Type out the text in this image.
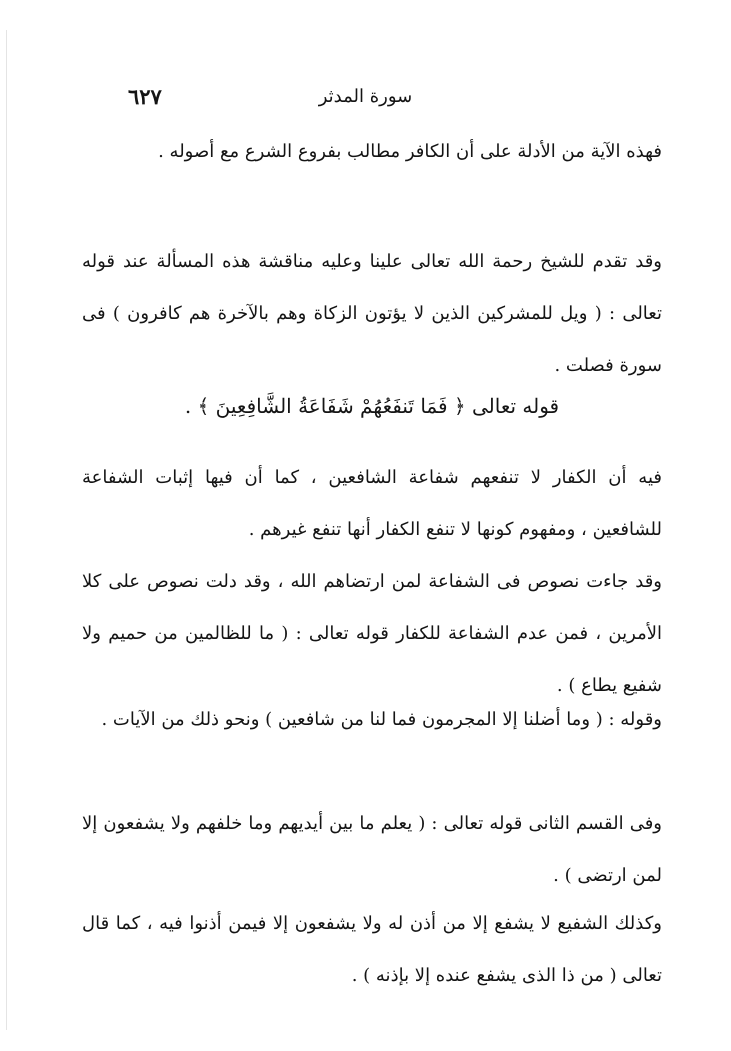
٦٢٧	سورة المدثر

فهذه الآية من الأدلة على أن الكافر مطالب بفروع الشرع مع أصوله .

وقد تقدم للشيخ رحمة الله تعالى علينا وعليه مناقشة هذه المسألة عند قوله تعالى : ( ويل للمشركين الذين لا يؤتون الزكاة وهم بالآخرة هم كافرون ) فى سورة فصلت .

قوله تعالى ﴿ فَمَا تَنفَعُهُمْ شَفَاعَةُ الشَّافِعِينَ ﴾ .

فيه أن الكفار لا تنفعهم شفاعة الشافعين ، كما أن فيها إثبات الشفاعة للشافعين ، ومفهوم كونها لا تنفع الكفار أنها تنفع غيرهم .

وقد جاءت نصوص فى الشفاعة لمن ارتضاهم الله ، وقد دلت نصوص على كلا الأمرين ، فمن عدم الشفاعة للكفار قوله تعالى : ( ما للظالمين من حميم ولا شفيع يطاع ) .

وقوله : ( وما أضلنا إلا المجرمون فما لنا من شافعين ) ونحو ذلك من الآيات .

وفى القسم الثانى قوله تعالى : ( يعلم ما بين أيديهم وما خلفهم ولا يشفعون إلا لمن ارتضى ) .

وكذلك الشفيع لا يشفع إلا من أذن له ولا يشفعون إلا فيمن أذنوا فيه ، كما قال تعالى ( من ذا الذى يشفع عنده إلا بإذنه ) .
